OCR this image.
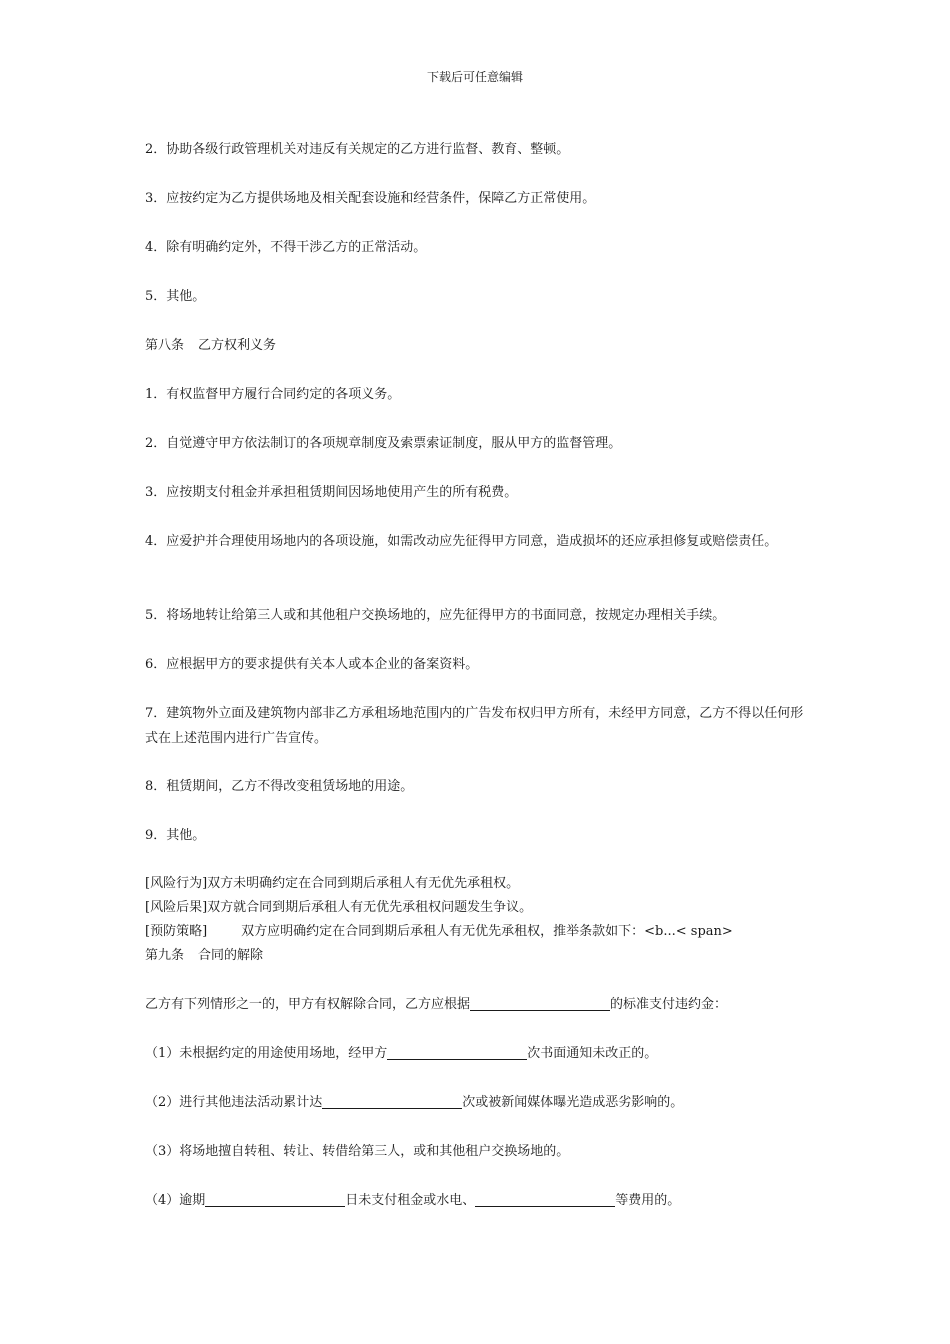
下载后可任意编辑
2．协助各级行政管理机关对违反有关规定的乙方进行监督、教育、整顿。
3．应按约定为乙方提供场地及相关配套设施和经营条件，保障乙方正常使用。
4．除有明确约定外，不得干涉乙方的正常活动。
5．其他。
第八条 乙方权利义务
1．有权监督甲方履行合同约定的各项义务。
2．自觉遵守甲方依法制订的各项规章制度及索票索证制度，服从甲方的监督管理。
3．应按期支付租金并承担租赁期间因场地使用产生的所有税费。
4．应爱护并合理使用场地内的各项设施，如需改动应先征得甲方同意，造成损坏的还应承担修复或赔偿责任。
5．将场地转让给第三人或和其他租户交换场地的，应先征得甲方的书面同意，按规定办理相关手续。
6．应根据甲方的要求提供有关本人或本企业的备案资料。
7．建筑物外立面及建筑物内部非乙方承租场地范围内的广告发布权归甲方所有，未经甲方同意，乙方不得以任何形式在上述范围内进行广告宣传。
8．租赁期间，乙方不得改变租赁场地的用途。
9．其他。
[风险行为]双方未明确约定在合同到期后承租人有无优先承租权。
[风险后果]双方就合同到期后承租人有无优先承租权问题发生争议。
[预防策略]	双方应明确约定在合同到期后承租人有无优先承租权，推举条款如下：<b...< span>
第九条 合同的解除
乙方有下列情形之一的，甲方有权解除合同，乙方应根据	的标准支付违约金：
（1）未根据约定的用途使用场地，经甲方	次书面通知未改正的。
（2）进行其他违法活动累计达	次或被新闻媒体曝光造成恶劣影响的。
（3）将场地擅自转租、转让、转借给第三人，或和其他租户交换场地的。
（4）逾期	日未支付租金或水电、	等费用的。
